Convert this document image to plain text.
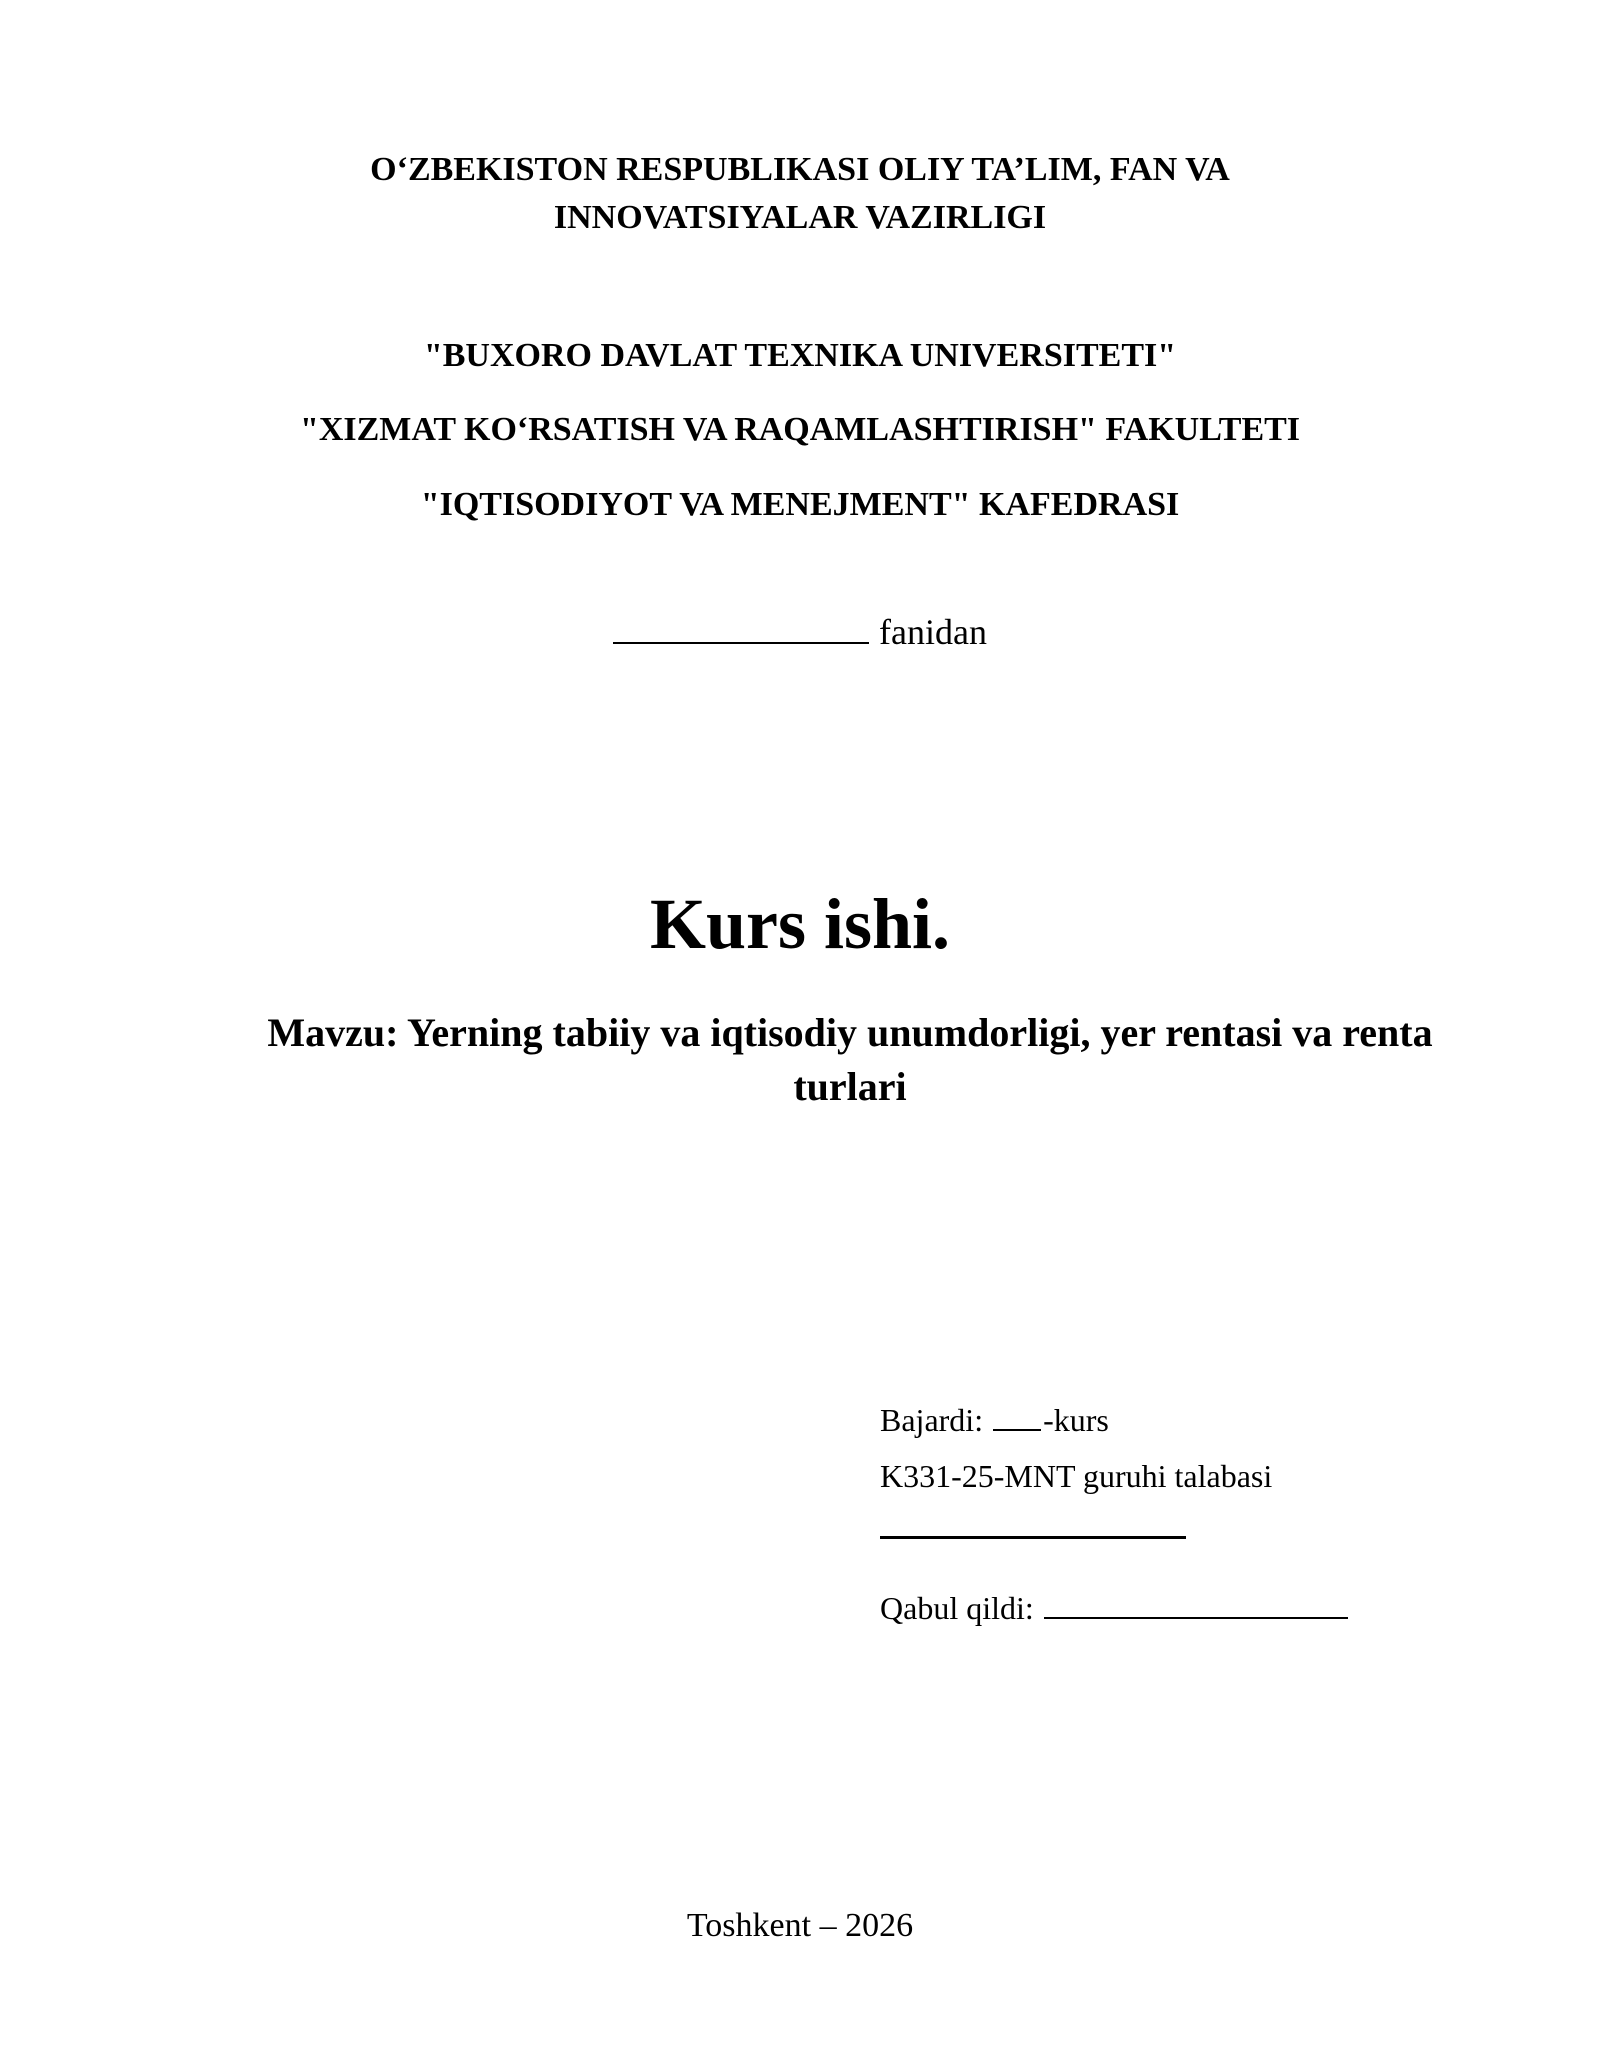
O‘ZBEKISTON RESPUBLIKASI OLIY TA’LIM, FAN VA
INNOVATSIYALAR VAZIRLIGI
"BUXORO DAVLAT TEXNIKA UNIVERSITETI"
"XIZMAT KO‘RSATISH VA RAQAMLASHTIRISH" FAKULTETI
"IQTISODIYOT VA MENEJMENT" KAFEDRASI
fanidan
Kurs ishi.
Mavzu: Yerning tabiiy va iqtisodiy unumdorligi, yer rentasi va renta turlari
Bajardi: -kurs
K331-25-MNT guruhi talabasi
Qabul qildi:
Toshkent – 2026
